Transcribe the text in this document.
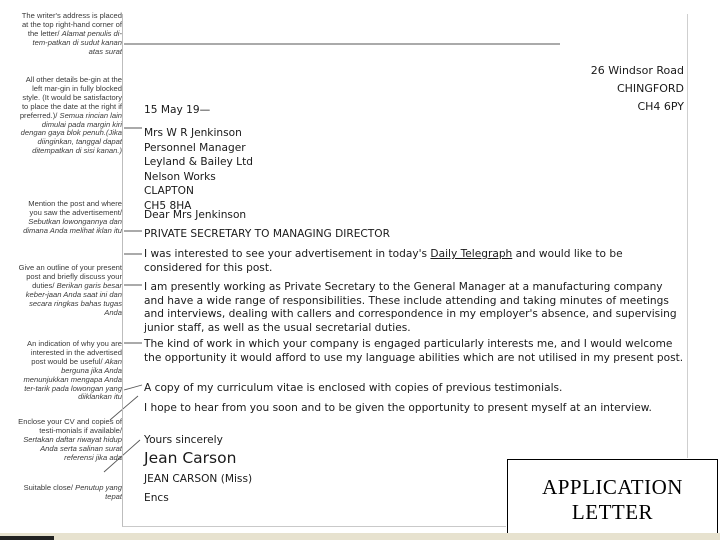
The writer's address is placed at the top right-hand corner of the letter/ Alamat penulis di-tem-patkan di sudut kanan atas surat
All other details be-gin at the left mar-gin in fully blocked style. (It would be satisfactory to place the date at the right if preferred.)/ Semua rincian lain dimulai pada margin kiri dengan gaya blok penuh.(Jika diinginkan, tanggal dapat ditempatkan di sisi kanan.)
Mention the post and where you saw the advertisement/ Sebutkan lowongannya dan dimana Anda melihat iklan itu
Give an outline of your present post and briefly discuss your duties/ Berikan garis besar keber-jaan Anda saat ini dan secara ringkas bahas tugas Anda
An indication of why you are interested in the advertised post would be useful/ Akan berguna jika Anda menunjukkan mengapa Anda ter-tarik pada lowongan yang diiklankan itu
Enclose your CV and copies of testi-monials if available/ Sertakan daftar riwayat hidup Anda serta salinan surat referensi jika ada
Suitable close/ Penutup yang tepat
26 Windsor Road
CHINGFORD
CH4 6PY
15 May 19—
Mrs W R Jenkinson
Personnel Manager
Leyland & Bailey Ltd
Nelson Works
CLAPTON
CH5 8HA
Dear Mrs Jenkinson
PRIVATE SECRETARY TO MANAGING DIRECTOR
I was interested to see your advertisement in today's Daily Telegraph and would like to be considered for this post.
I am presently working as Private Secretary to the General Manager at a manufacturing company and have a wide range of responsibilities. These include attending and taking minutes of meetings and interviews, dealing with callers and correspondence in my employer's absence, and supervising junior staff, as well as the usual secretarial duties.
The kind of work in which your company is engaged particularly interests me, and I would welcome the opportunity it would afford to use my language abilities which are not utilised in my present post.
A copy of my curriculum vitae is enclosed with copies of previous testimonials.
I hope to hear from you soon and to be given the opportunity to present myself at an interview.
Yours sincerely
Jean Carson
JEAN CARSON (Miss)
Encs	APPLICATION
LETTER
